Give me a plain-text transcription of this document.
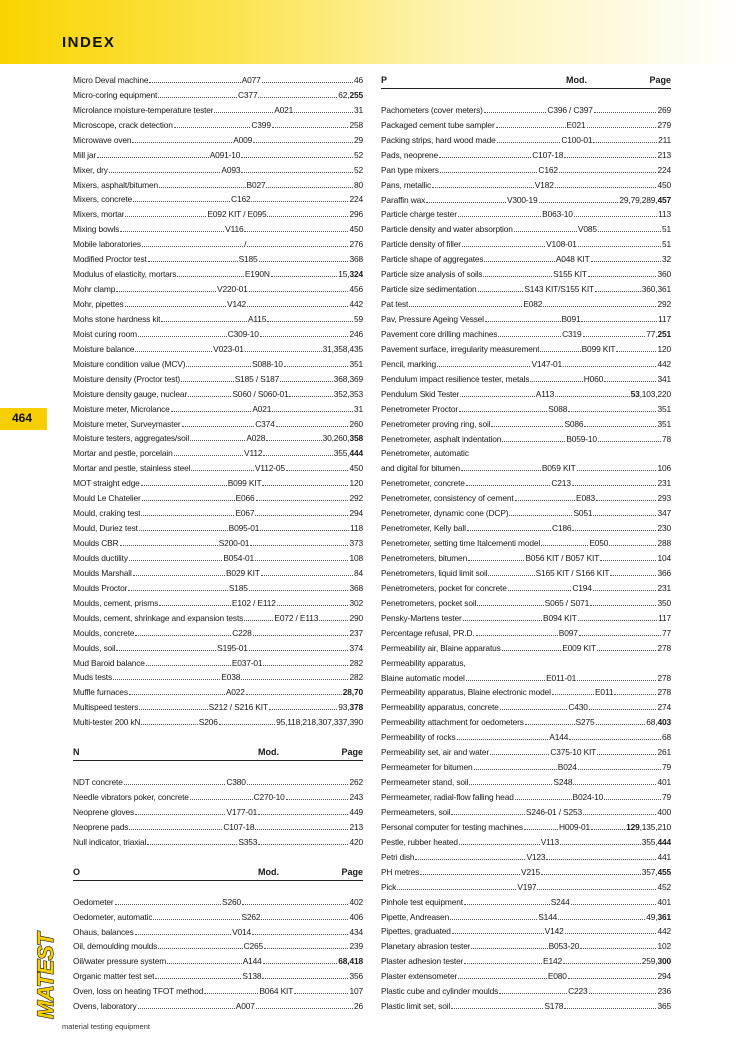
INDEX
464
MATEST
material testing equipment
Micro Deval machine	A077	46
Micro-coring equipment	C377	62,255
Microlance moisture-temperature tester	A021	31
Microscope, crack detection	C399	258
Microwave oven	A009	29
Mill jar	A091-10	52
Mixer, dry	A093	52
Mixers, asphalt/bitumen	B027	80
Mixers, concrete	C162	224
Mixers, mortar	E092 KIT / E095	296
Mixing bowls	V116	450
Mobile laboratories	/	276
Modified Proctor test	S185	368
Modulus of elasticity, mortars	E190N	15,324
Mohr clamp	V220-01	456
Mohr, pipettes	V142	442
Mohs stone hardness kit	A115	59
Moist curing room	C309-10	246
Moisture balance	V023-01	31,358,435
Moisture condition value (MCV)	S088-10	351
Moisture density (Proctor test)	S185 / S187	368,369
Moisture density gauge, nuclear	S060 / S060-01	352,353
Moisture meter, Microlance	A021	31
Moisture meter, Surveymaster	C374	260
Moisture testers, aggregates/soil	A028	30,260,358
Mortar and pestle, porcelain	V112	355,444
Mortar and pestle, stainless steel	V112-05	450
MOT straight edge	B099 KIT	120
Mould Le Chatelier	E066	292
Mould, craking test	E067	294
Mould, Duriez test	B095-01	118
Moulds CBR	S200-01	373
Moulds ductility	B054-01	108
Moulds Marshall	B029 KIT	84
Moulds Proctor	S185	368
Moulds, cement, prisms	E102 / E112	302
Moulds, cement, shrinkage and expansion tests	E072 / E113	290
Moulds, concrete	C228	237
Moulds, soil	S195-01	374
Mud Baroid balance	E037-01	282
Muds tests	E038	282
Muffle furnaces	A022	28,70
Multispeed testers	S212 / S216 KIT	93,378
Multi-tester 200 kN	S206	95,118,218,307,337,390
N	Mod.	Page
NDT concrete	C380	262
Needle vibrators poker, concrete	C270-10	243
Neoprene gloves	V177-01	449
Neoprene pads	C107-18	213
Null indicator, triaxial	S353	420
O	Mod.	Page
Oedometer	S260	402
Oedometer, automatic	S262	406
Ohaus, balances	V014	434
Oil, demoulding moulds	C265	239
Oil/water pressure system	A144	68,418
Organic matter test set	S138	356
Oven, loss on heating TFOT method	B064 KIT	107
Ovens, laboratory	A007	26
P	Mod.	Page
Pachometers (cover meters)	C396 / C397	269
Packaged cement tube sampler	E021	279
Packing strips, hard wood made	C100-01	211
Pads, neoprene	C107-18	213
Pan type mixers	C162	224
Pans, metallic	V182	450
Paraffin wax	V300-19	29,79,289,457
Particle charge tester	B063-10	113
Particle density and water absorption	V085	51
Particle density of filler	V108-01	51
Particle shape of aggregates	A048 KIT	32
Particle size analysis of soils	S155 KIT	360
Particle size sedimentation	S143 KIT/S155 KIT	360,361
Pat test	E082	292
Pav, Pressure Ageing Vessel	B091	117
Pavement core drilling machines	C319	77,251
Pavement surface, irregularity measurement	B099 KIT	120
Pencil, marking	V147-01	442
Pendulum impact resilience tester, metals	H060	341
Pendulum Skid Tester	A113	53,103,220
Penetrometer Proctor	S088	351
Penetrometer proving ring, soil	S086	351
Penetrometer, asphalt indentation	B059-10	78
Penetrometer, automatic
and digital for bitumen	B059 KIT	106
Penetrometer, concrete	C213	231
Penetrometer, consistency of cement	E083	293
Penetrometer, dynamic cone (DCP)	S051	347
Penetrometer, Kelly ball	C186	230
Penetrometer, setting time Italcementi model	E050	288
Penetrometers, bitumen	B056 KIT / B057 KIT	104
Penetrometers, liquid limit soil	S165 KIT / S166 KIT	366
Penetrometers, pocket for concrete	C194	231
Penetrometers, pocket soil	S065 / S071	350
Pensky-Martens tester	B094 KIT	117
Percentage refusal, PR.D.	B097	77
Permeability air, Blaine apparatus	E009 KIT	278
Permeability apparatus,
Blaine automatic model	E011-01	278
Permeability apparatus, Blaine electronic model	E011	278
Permeability apparatus, concrete	C430	274
Permeability attachment for oedometers	S275	68,403
Permeability of rocks	A144	68
Permeability set, air and water	C375-10 KIT	261
Permeameter for bitumen	B024	79
Permeameter stand, soil	S248	401
Permeameter, radial-flow falling head	B024-10	79
Permeameters, soil	S246-01 / S253	400
Personal computer for testing machines	H009-01	129,135,210
Pestle, rubber heated	V113	355,444
Petri dish	V123	441
PH metres	V215	357,455
Pick	V197	452
Pinhole test equipment	S244	401
Pipette, Andreasen	S144	49,361
Pipettes, graduated	V142	442
Planetary abrasion tester	B053-20	102
Plaster adhesion tester	E142	259,300
Plaster extensometer	E080	294
Plastic cube and cylinder moulds	C223	236
Plastic limit set, soil	S178	365
